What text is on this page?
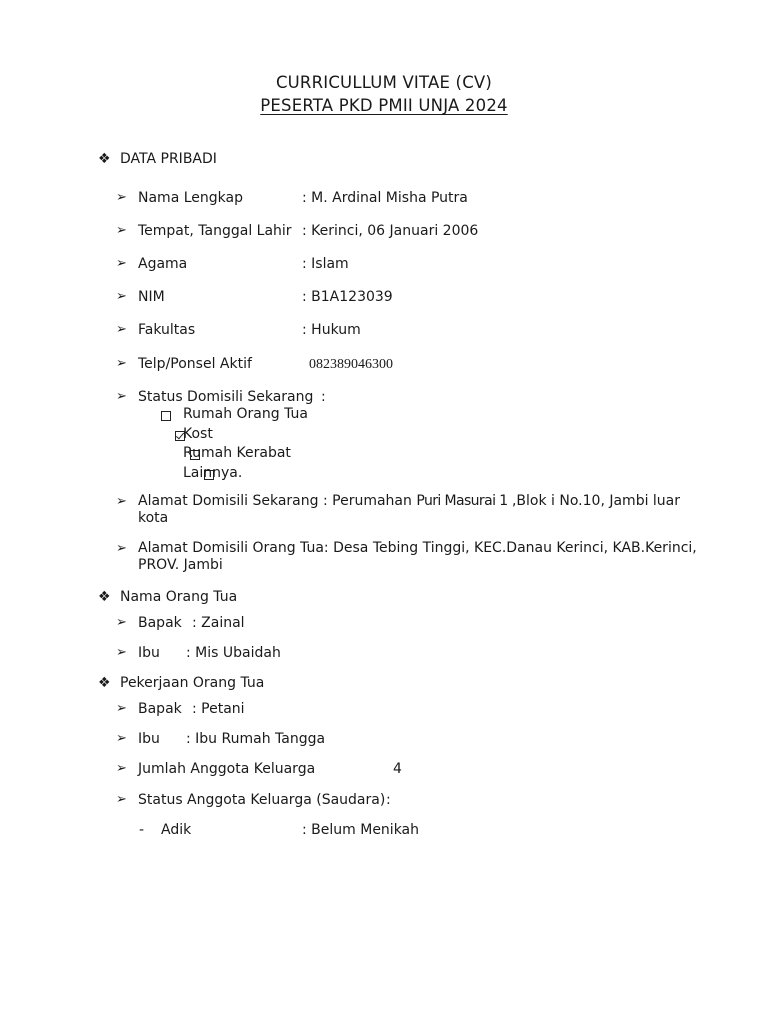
CURRICULLUM VITAE (CV)
PESERTA PKD PMII UNJA 2024
❖ DATA PRIBADI
➢ Nama Lengkap	: M. Ardinal Misha Putra
➢ Tempat, Tanggal Lahir : Kerinci, 06 Januari 2006
➢ Agama	: Islam
➢ NIM	: B1A123039
➢ Fakultas	: Hukum
➢ Telp/Ponsel Aktif	082389046300
➢ Status Domisili Sekarang :

Rumah Orang Tua

Kost

Rumah Kerabat
Lainnya.
➢ Alamat Domisili Sekarang : Perumahan Puri Masurai 1 ,Blok i No.10, Jambi luar kota
➢ Alamat Domisili Orang Tua: Desa Tebing Tinggi, KEC.Danau Kerinci, KAB.Kerinci, PROV. Jambi
❖ Nama Orang Tua
➢ Bapak : Zainal
➢ Ibu : Mis Ubaidah
❖ Pekerjaan Orang Tua
➢ Bapak : Petani
➢ Ibu : Ibu Rumah Tangga
➢ Jumlah Anggota Keluarga	4
➢ Status Anggota Keluarga (Saudara) :
- Adik	: Belum Menikah
